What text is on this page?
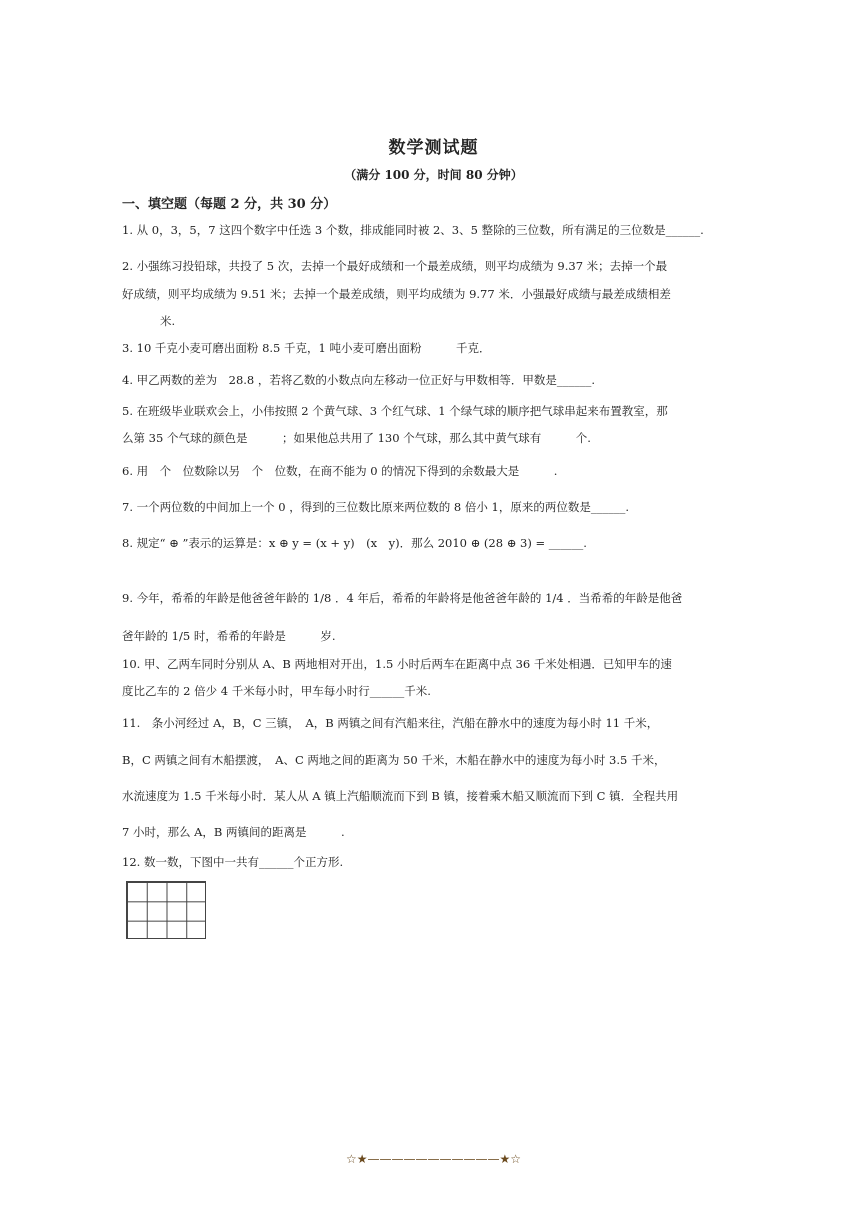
数学测试题
（满分 100 分，时间 80 分钟）
一、填空题（每题 2 分，共 30 分）
1. 从 0，3，5，7 这四个数字中任选 3 个数，排成能同时被 2、3、5 整除的三位数，所有满足的三位数是______.
2. 小强练习投铅球，共投了 5 次，去掉一个最好成绩和一个最差成绩，则平均成绩为 9.37 米；去掉一个最
好成绩，则平均成绩为 9.51 米；去掉一个最差成绩，则平均成绩为 9.77 米．小强最好成绩与最差成绩相差
米.
3. 10 千克小麦可磨出面粉 8.5 千克，1 吨小麦可磨出面粉　　　千克．
4. 甲乙两数的差为　28.8 ，若将乙数的小数点向左移动一位正好与甲数相等．甲数是______.
5. 在班级毕业联欢会上，小伟按照 2 个黄气球、3 个红气球、1 个绿气球的顺序把气球串起来布置教室，那
么第 35 个气球的颜色是　　　；如果他总共用了 130 个气球，那么其中黄气球有　　　个.
6. 用　个　位数除以另　个　位数，在商不能为 0 的情况下得到的余数最大是　　　.
7. 一个两位数的中间加上一个 0 ，得到的三位数比原来两位数的 8 倍小 1，原来的两位数是______.
8. 规定“ ⊕ ”表示的运算是：x ⊕ y = (x + y)　(x　y)．那么 2010 ⊕ (28 ⊕ 3) = ______.
9. 今年，希希的年龄是他爸爸年龄的 1/8 ．4 年后，希希的年龄将是他爸爸年龄的 1/4 ．当希希的年龄是他爸
爸年龄的 1/5 时，希希的年龄是　　　岁.
10. 甲、乙两车同时分别从 A、B 两地相对开出，1.5 小时后两车在距离中点 36 千米处相遇．已知甲车的速
度比乙车的 2 倍少 4 千米每小时，甲车每小时行______千米.
11.　条小河经过 A，B，C 三镇，　A，B 两镇之间有汽船来往，汽船在静水中的速度为每小时 11 千米，
B，C 两镇之间有木船摆渡，　A、C 两地之间的距离为 50 千米，木船在静水中的速度为每小时 3.5 千米，
水流速度为 1.5 千米每小时．某人从 A 镇上汽船顺流而下到 B 镇，接着乘木船又顺流而下到 C 镇．全程共用
7 小时，那么 A，B 两镇间的距离是　　　.
12. 数一数，下图中一共有______个正方形.
☆★———————————★☆
